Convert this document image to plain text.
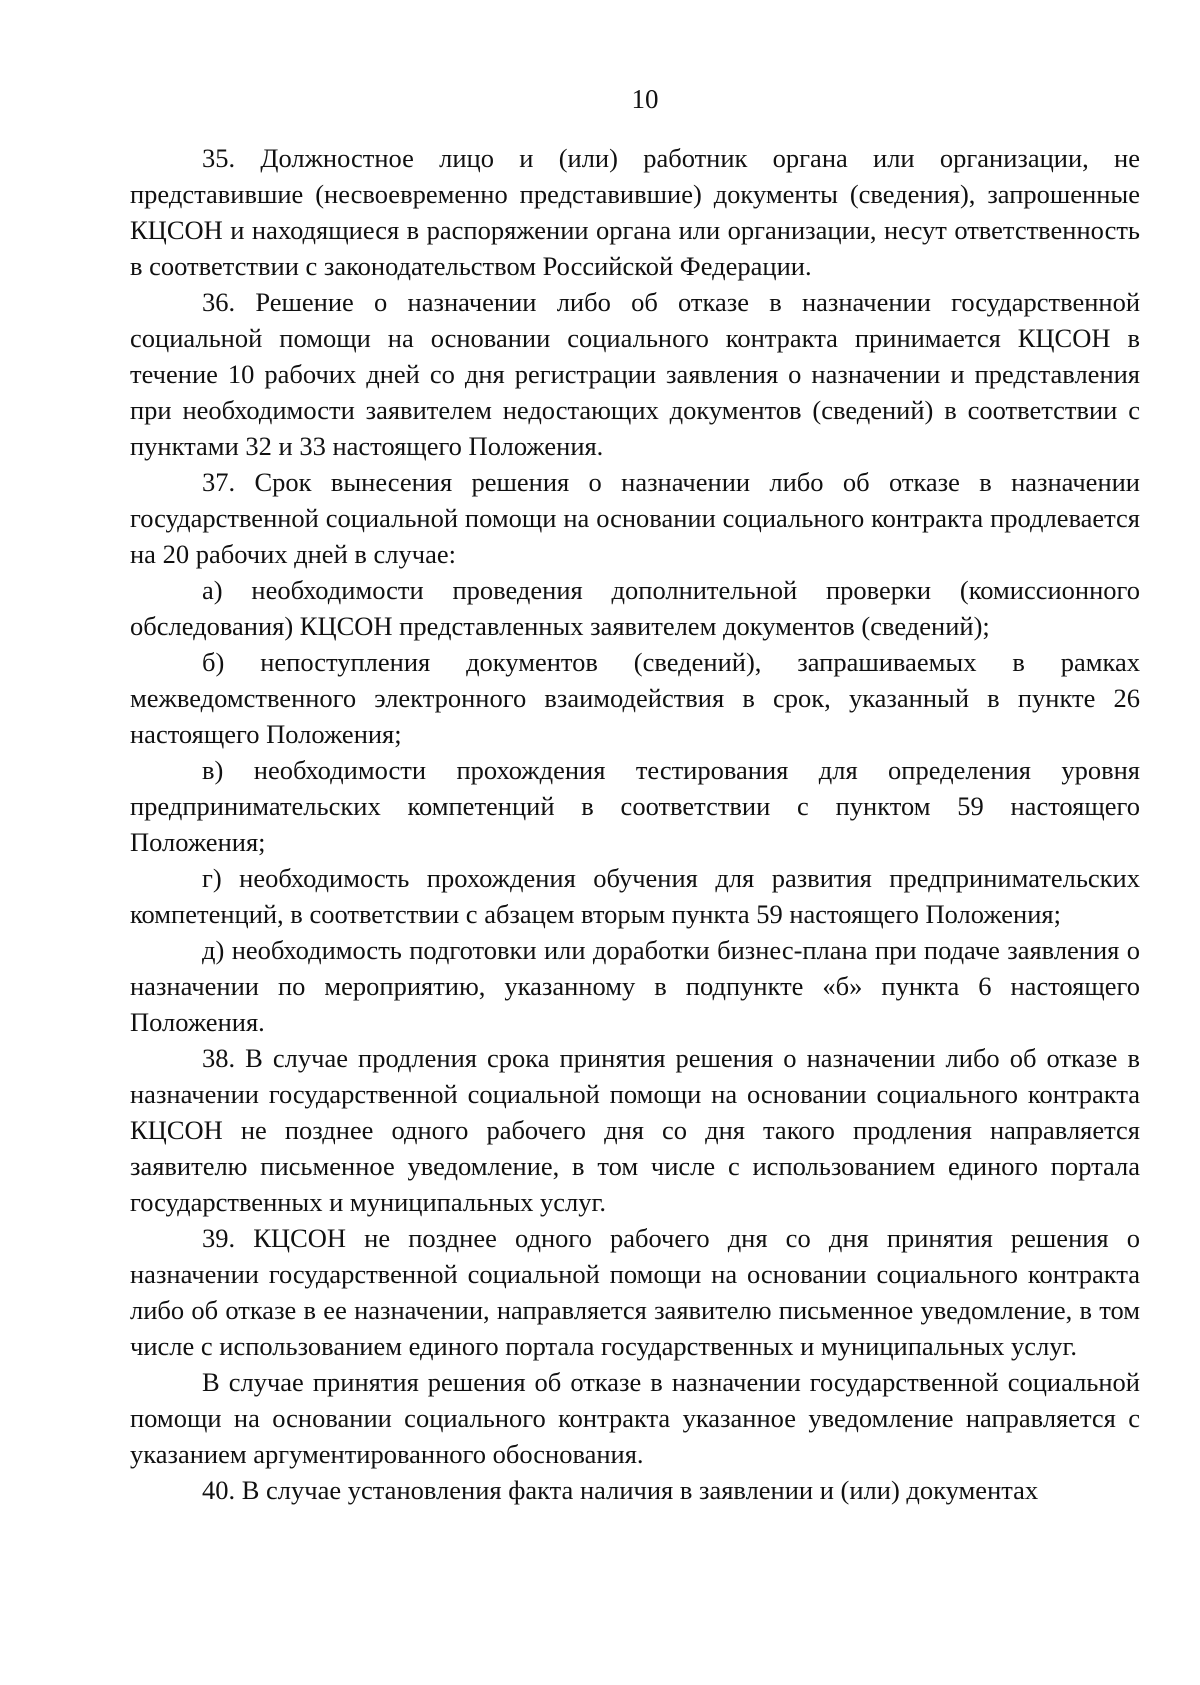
10

35. Должностное лицо и (или) работник органа или организации, не представившие (несвоевременно представившие) документы (сведения), запрошенные КЦСОН и находящиеся в распоряжении органа или организации, несут ответственность в соответствии с законодательством Российской Федерации.

36. Решение о назначении либо об отказе в назначении государственной социальной помощи на основании социального контракта принимается КЦСОН в течение 10 рабочих дней со дня регистрации заявления о назначении и представления при необходимости заявителем недостающих документов (сведений) в соответствии с пунктами 32 и 33 настоящего Положения.

37. Срок вынесения решения о назначении либо об отказе в назначении государственной социальной помощи на основании социального контракта продлевается на 20 рабочих дней в случае:

а) необходимости проведения дополнительной проверки (комиссионного обследования) КЦСОН представленных заявителем документов (сведений);

б) непоступления документов (сведений), запрашиваемых в рамках межведомственного электронного взаимодействия в срок, указанный в пункте 26 настоящего Положения;

в) необходимости прохождения тестирования для определения уровня предпринимательских компетенций в соответствии с пунктом 59 настоящего Положения;

г) необходимость прохождения обучения для развития предпринимательских компетенций, в соответствии с абзацем вторым пункта 59 настоящего Положения;

д) необходимость подготовки или доработки бизнес-плана при подаче заявления о назначении по мероприятию, указанному в подпункте «б» пункта 6 настоящего Положения.

38. В случае продления срока принятия решения о назначении либо об отказе в назначении государственной социальной помощи на основании социального контракта КЦСОН не позднее одного рабочего дня со дня такого продления направляется заявителю письменное уведомление, в том числе с использованием единого портала государственных и муниципальных услуг.

39. КЦСОН не позднее одного рабочего дня со дня принятия решения о назначении государственной социальной помощи на основании социального контракта либо об отказе в ее назначении, направляется заявителю письменное уведомление, в том числе с использованием единого портала государственных и муниципальных услуг.

В случае принятия решения об отказе в назначении государственной социальной помощи на основании социального контракта указанное уведомление направляется с указанием аргументированного обоснования.

40. В случае установления факта наличия в заявлении и (или) документах
